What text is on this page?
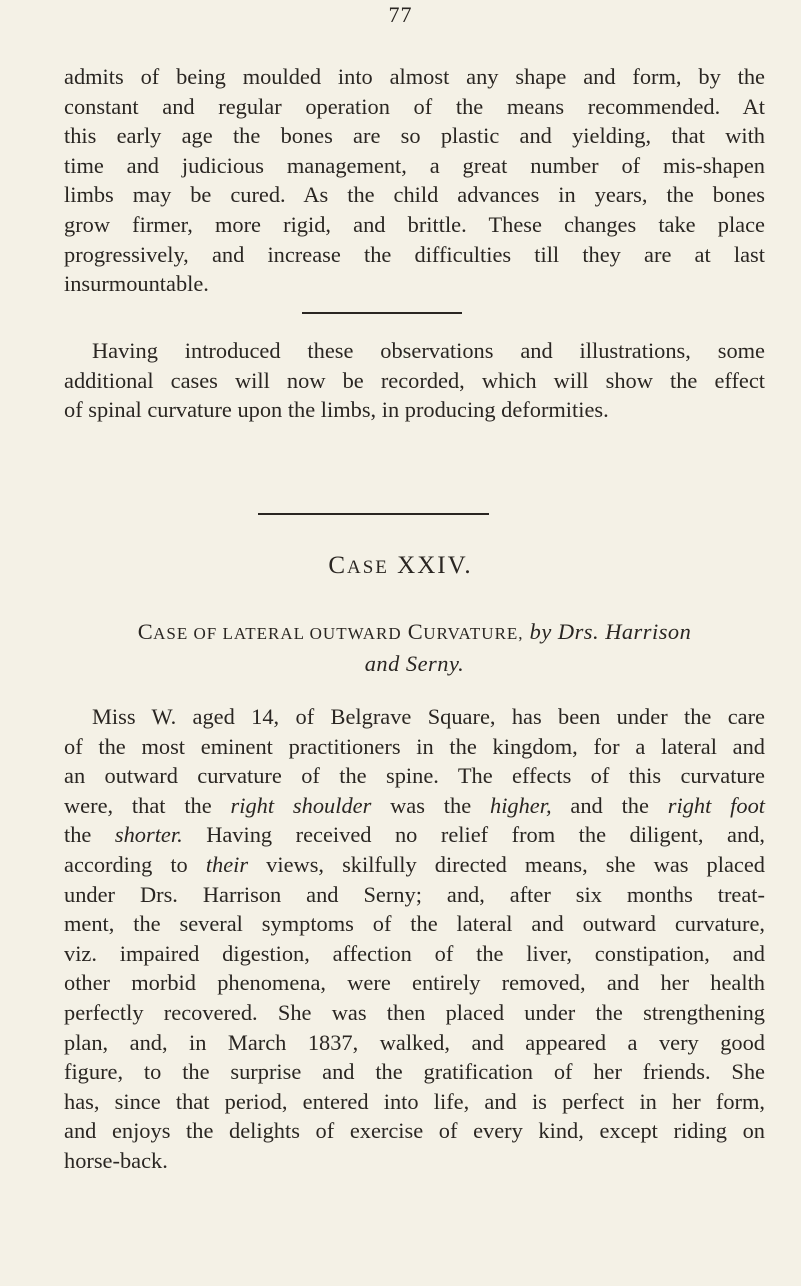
77

admits of being moulded into almost any shape and form, by the
constant and regular operation of the means recommended. At
this early age the bones are so plastic and yielding, that with
time and judicious management, a great number of mis-shapen
limbs may be cured. As the child advances in years, the bones
grow firmer, more rigid, and brittle. These changes take place
progressively, and increase the difficulties till they are at last
insurmountable.

Having introduced these observations and illustrations, some
additional cases will now be recorded, which will show the effect
of spinal curvature upon the limbs, in producing deformities.

CASE XXIV.
CASE OF LATERAL OUTWARD CURVATURE, by Drs. Harrison
and Serny.

Miss W. aged 14, of Belgrave Square, has been under the care
of the most eminent practitioners in the kingdom, for a lateral and
an outward curvature of the spine. The effects of this curvature
were, that the right shoulder was the higher, and the right foot
the shorter. Having received no relief from the diligent, and,
according to their views, skilfully directed means, she was placed
under Drs. Harrison and Serny; and, after six months treat-
ment, the several symptoms of the lateral and outward curvature,
viz. impaired digestion, affection of the liver, constipation, and
other morbid phenomena, were entirely removed, and her health
perfectly recovered. She was then placed under the strengthening
plan, and, in March 1837, walked, and appeared a very good
figure, to the surprise and the gratification of her friends. She
has, since that period, entered into life, and is perfect in her form,
and enjoys the delights of exercise of every kind, except riding on
horse-back.
